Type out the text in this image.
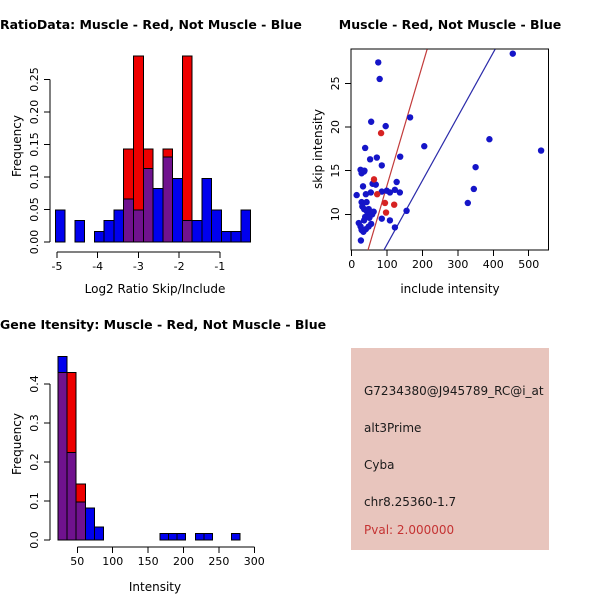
0.00
0.05
0.10
0.15
0.20
0.25
-5	-4	-3	-2	-1	0 100 200 300 400 500
10
15
20
25
0.0
0.1
0.2
0.3
0.4
50 100 150 200 250 300
RatioData: Muscle - Red, Not Muscle - Blue	Muscle - Red, Not Muscle - Blue
Gene Itensity: Muscle - Red, Not Muscle - Blue
Log2 Ratio Skip/Include
Frequency
include intensity
skip intensity
Intensity
Frequency
G7234380@J945789_RC@i_at
alt3Prime
Cyba
chr8.25360-1.7
Pval: 2.000000
